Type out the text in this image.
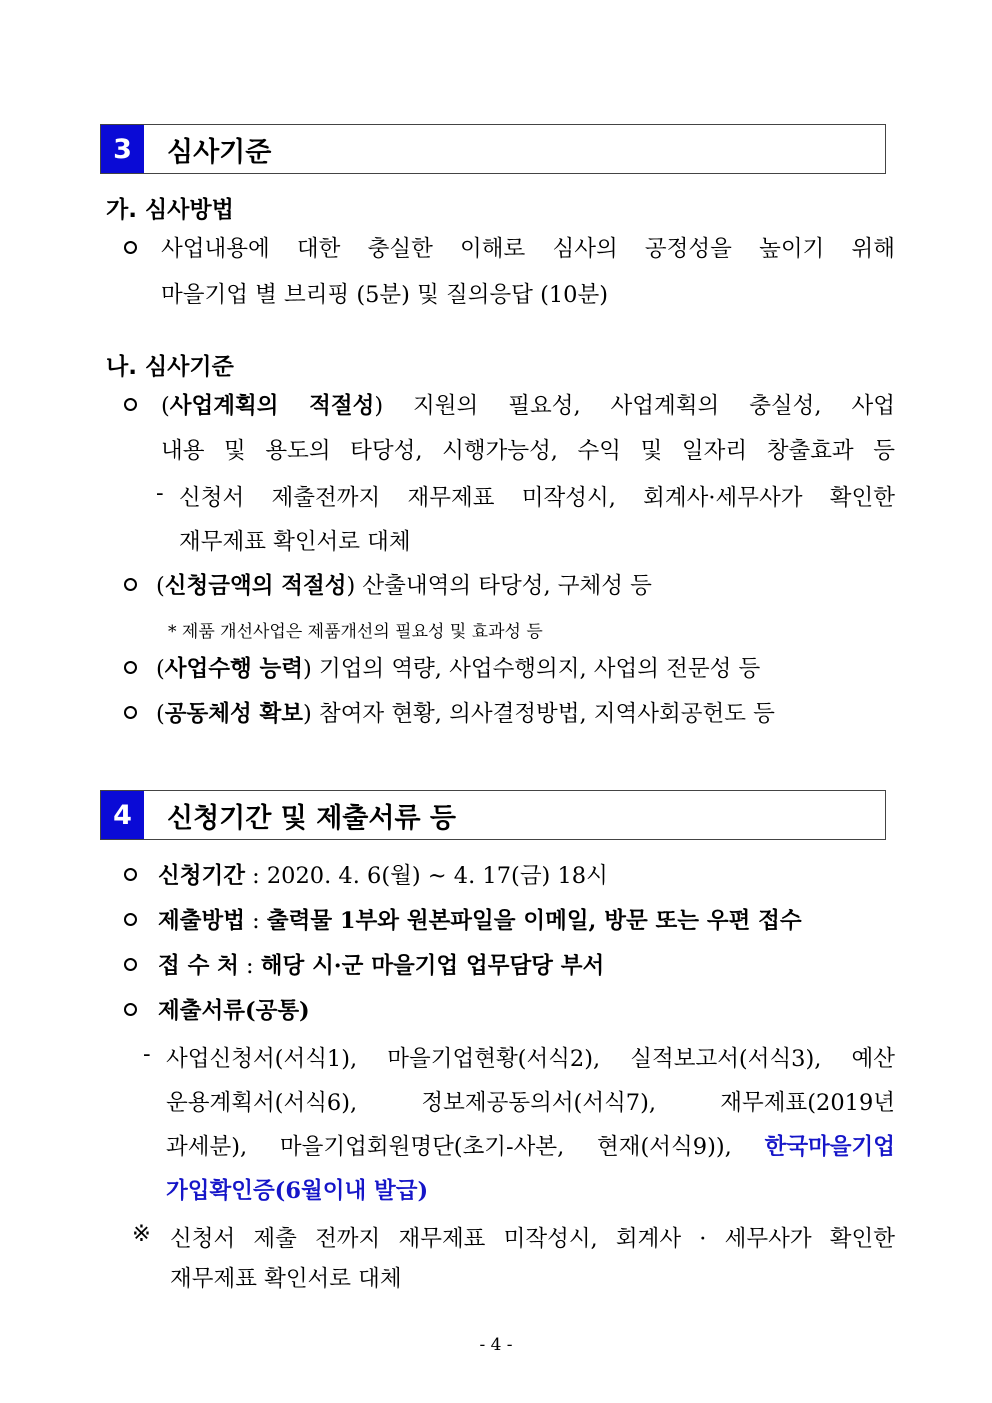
3	심사기준
가. 심사방법
사업내용에 대한 충실한 이해로 심사의 공정성을 높이기 위해
마을기업 별 브리핑 (5분) 및 질의응답 (10분)
나. 심사기준
(사업계획의 적절성) 지원의 필요성, 사업계획의 충실성, 사업
내용 및 용도의 타당성, 시행가능성, 수익 및 일자리 창출효과 등
- 신청서 제출전까지 재무제표 미작성시, 회계사·세무사가 확인한
재무제표 확인서로 대체
(신청금액의 적절성) 산출내역의 타당성, 구체성 등
* 제품 개선사업은 제품개선의 필요성 및 효과성 등
(사업수행 능력) 기업의 역량, 사업수행의지, 사업의 전문성 등
(공동체성 확보) 참여자 현황, 의사결정방법, 지역사회공헌도 등
4	신청기간 및 제출서류 등
신청기간 : 2020. 4. 6(월) ~ 4. 17(금) 18시
제출방법 : 출력물 1부와 원본파일을 이메일, 방문 또는 우편 접수
접 수 처 : 해당 시·군 마을기업 업무담당 부서
제출서류(공통)
- 사업신청서(서식1), 마을기업현황(서식2), 실적보고서(서식3), 예산
운용계획서(서식6), 정보제공동의서(서식7), 재무제표(2019년
과세분), 마을기업회원명단(초기-사본, 현재(서식9)), 한국마을기업
가입확인증(6월이내 발급)
※ 신청서 제출 전까지 재무제표 미작성시, 회계사 · 세무사가 확인한
재무제표 확인서로 대체
- 4 -
